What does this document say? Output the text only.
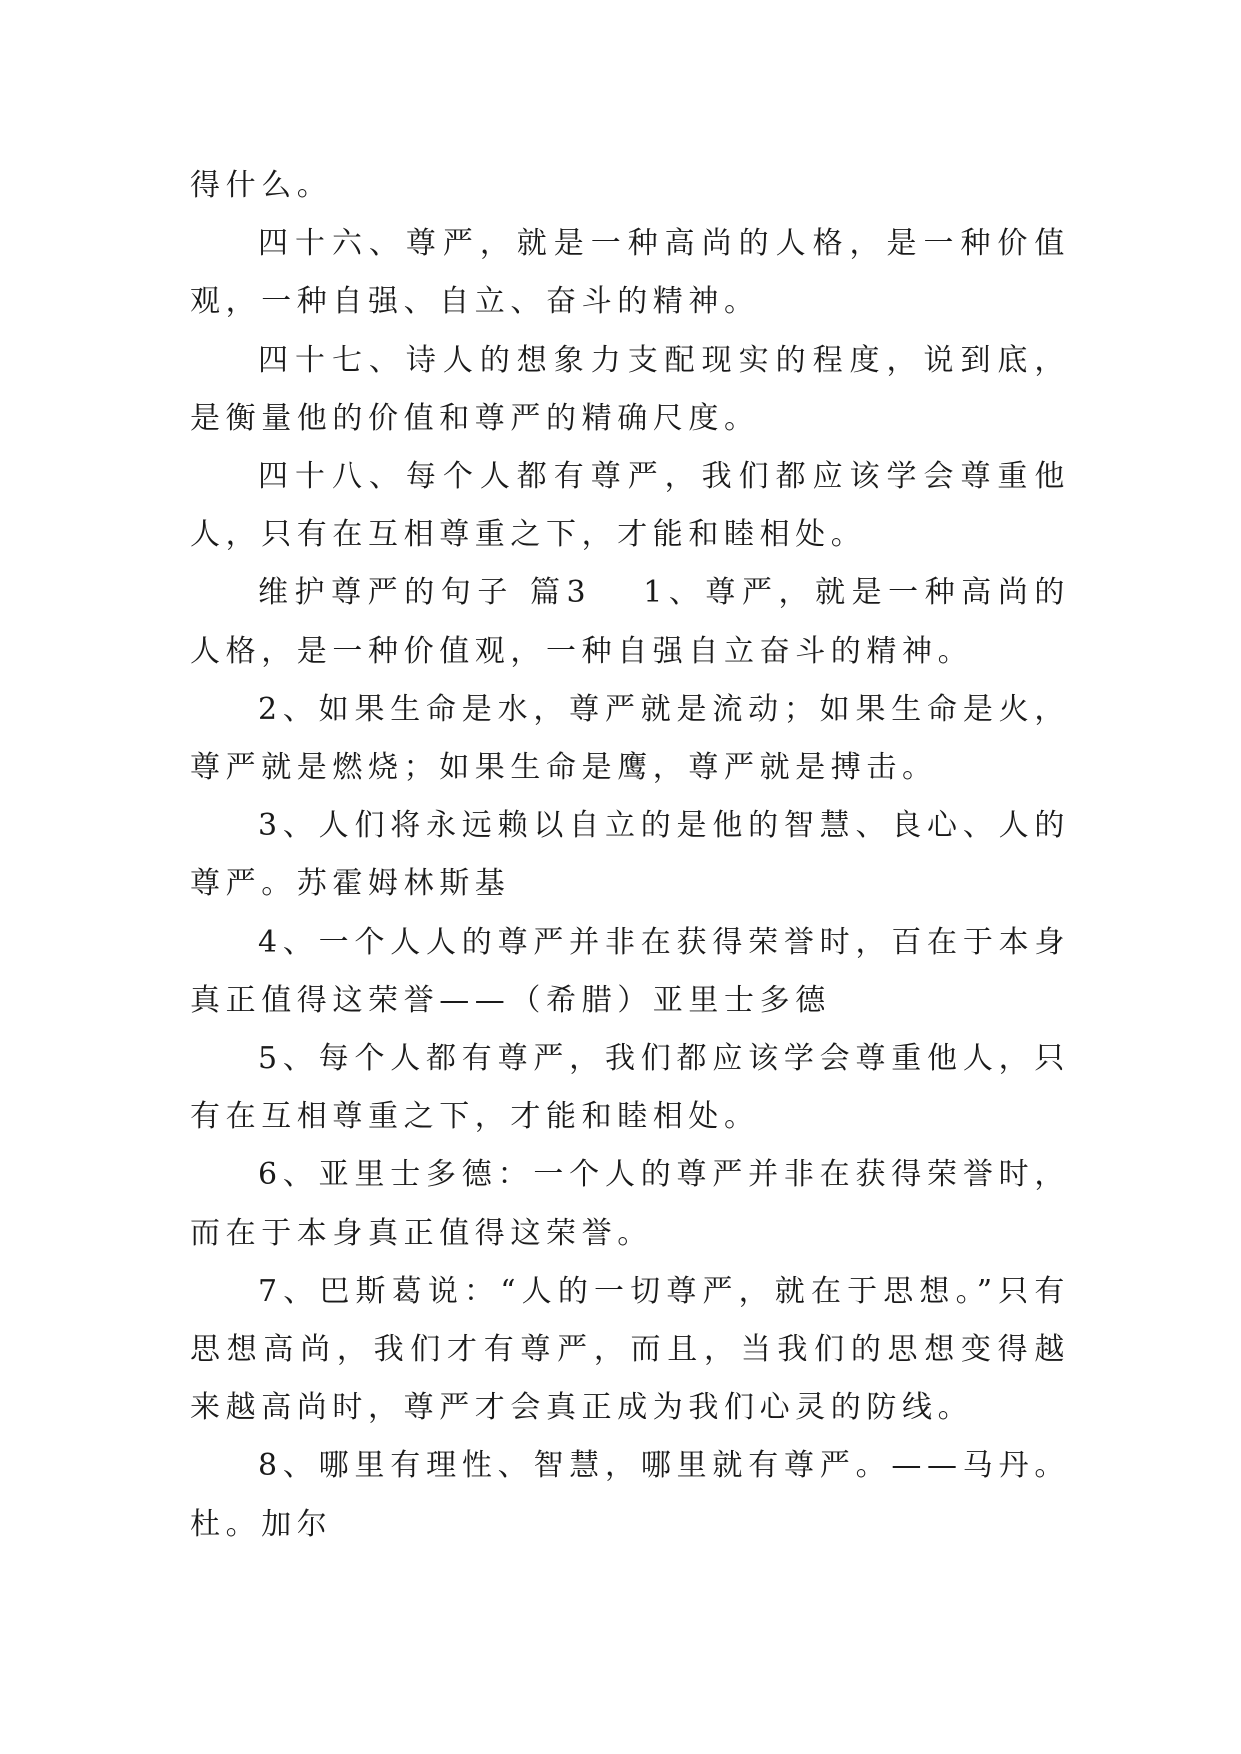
得什么。

四十六、尊严，就是一种高尚的人格，是一种价值观，一种自强、自立、奋斗的精神。

四十七、诗人的想象力支配现实的程度，说到底，是衡量他的价值和尊严的精确尺度。

四十八、每个人都有尊严，我们都应该学会尊重他人，只有在互相尊重之下，才能和睦相处。

维护尊严的句子 篇3 1、尊严，就是一种高尚的人格，是一种价值观，一种自强自立奋斗的精神。

2、如果生命是水，尊严就是流动；如果生命是火，尊严就是燃烧；如果生命是鹰，尊严就是搏击。

3、人们将永远赖以自立的是他的智慧、良心、人的尊严。苏霍姆林斯基

4、一个人人的尊严并非在获得荣誉时，百在于本身真正值得这荣誉——（希腊）亚里士多德

5、每个人都有尊严，我们都应该学会尊重他人，只有在互相尊重之下，才能和睦相处。

6、亚里士多德：一个人的尊严并非在获得荣誉时，而在于本身真正值得这荣誉。

7、巴斯葛说：“人的一切尊严，就在于思想。”只有思想高尚，我们才有尊严，而且，当我们的思想变得越来越高尚时，尊严才会真正成为我们心灵的防线。

8、哪里有理性、智慧，哪里就有尊严。——马丹。杜。加尔
